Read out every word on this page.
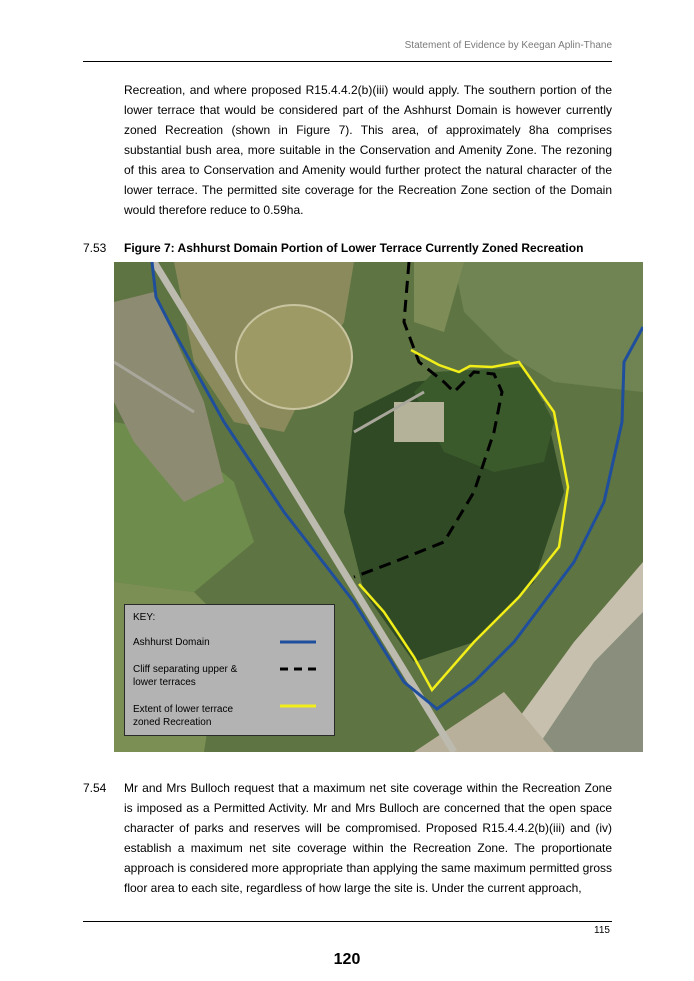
Statement of Evidence by Keegan Aplin-Thane
Recreation, and where proposed R15.4.4.2(b)(iii) would apply. The southern portion of the lower terrace that would be considered part of the Ashhurst Domain is however currently zoned Recreation (shown in Figure 7). This area, of approximately 8ha comprises substantial bush area, more suitable in the Conservation and Amenity Zone. The rezoning of this area to Conservation and Amenity would further protect the natural character of the lower terrace. The permitted site coverage for the Recreation Zone section of the Domain would therefore reduce to 0.59ha.
7.53 Figure 7: Ashhurst Domain Portion of Lower Terrace Currently Zoned Recreation
KEY:
Ashhurst Domain
Cliff separating upper & lower terraces
Extent of lower terrace zoned Recreation
7.54 Mr and Mrs Bulloch request that a maximum net site coverage within the Recreation Zone is imposed as a Permitted Activity. Mr and Mrs Bulloch are concerned that the open space character of parks and reserves will be compromised. Proposed R15.4.4.2(b)(iii) and (iv) establish a maximum net site coverage within the Recreation Zone. The proportionate approach is considered more appropriate than applying the same maximum permitted gross floor area to each site, regardless of how large the site is. Under the current approach,
115
120
